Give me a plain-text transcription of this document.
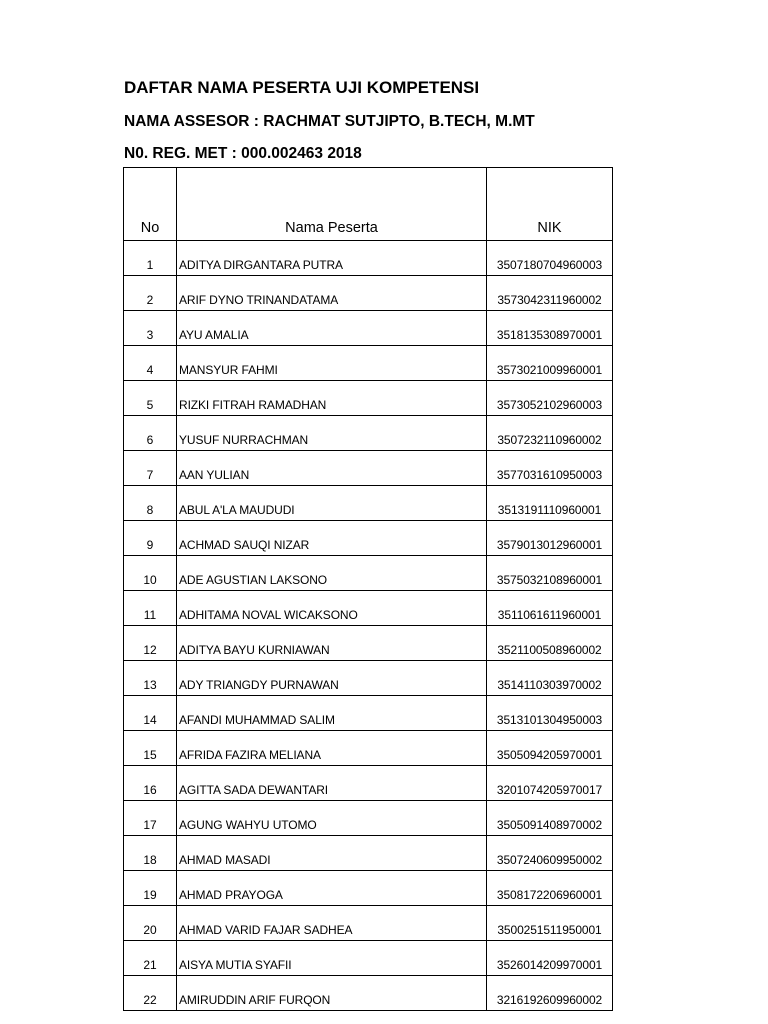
DAFTAR NAMA PESERTA UJI KOMPETENSI
NAMA ASSESOR : RACHMAT SUTJIPTO, B.TECH, M.MT
N0. REG. MET : 000.002463 2018
No	Nama Peserta	NIK
1	ADITYA DIRGANTARA PUTRA	3507180704960003
2	ARIF DYNO TRINANDATAMA	3573042311960002
3	AYU AMALIA	3518135308970001
4	MANSYUR FAHMI	3573021009960001
5	RIZKI FITRAH RAMADHAN	3573052102960003
6	YUSUF NURRACHMAN	3507232110960002
7	AAN YULIAN	3577031610950003
8	ABUL A'LA MAUDUDI	3513191110960001
9	ACHMAD SAUQI NIZAR	3579013012960001
10	ADE AGUSTIAN LAKSONO	3575032108960001
11	ADHITAMA NOVAL WICAKSONO	3511061611960001
12	ADITYA BAYU KURNIAWAN	3521100508960002
13	ADY TRIANGDY PURNAWAN	3514110303970002
14	AFANDI MUHAMMAD SALIM	3513101304950003
15	AFRIDA FAZIRA MELIANA	3505094205970001
16	AGITTA SADA DEWANTARI	3201074205970017
17	AGUNG WAHYU UTOMO	3505091408970002
18	AHMAD MASADI	3507240609950002
19	AHMAD PRAYOGA	3508172206960001
20	AHMAD VARID FAJAR SADHEA	3500251511950001
21	AISYA MUTIA SYAFII	3526014209970001
22	AMIRUDDIN ARIF FURQON	3216192609960002
